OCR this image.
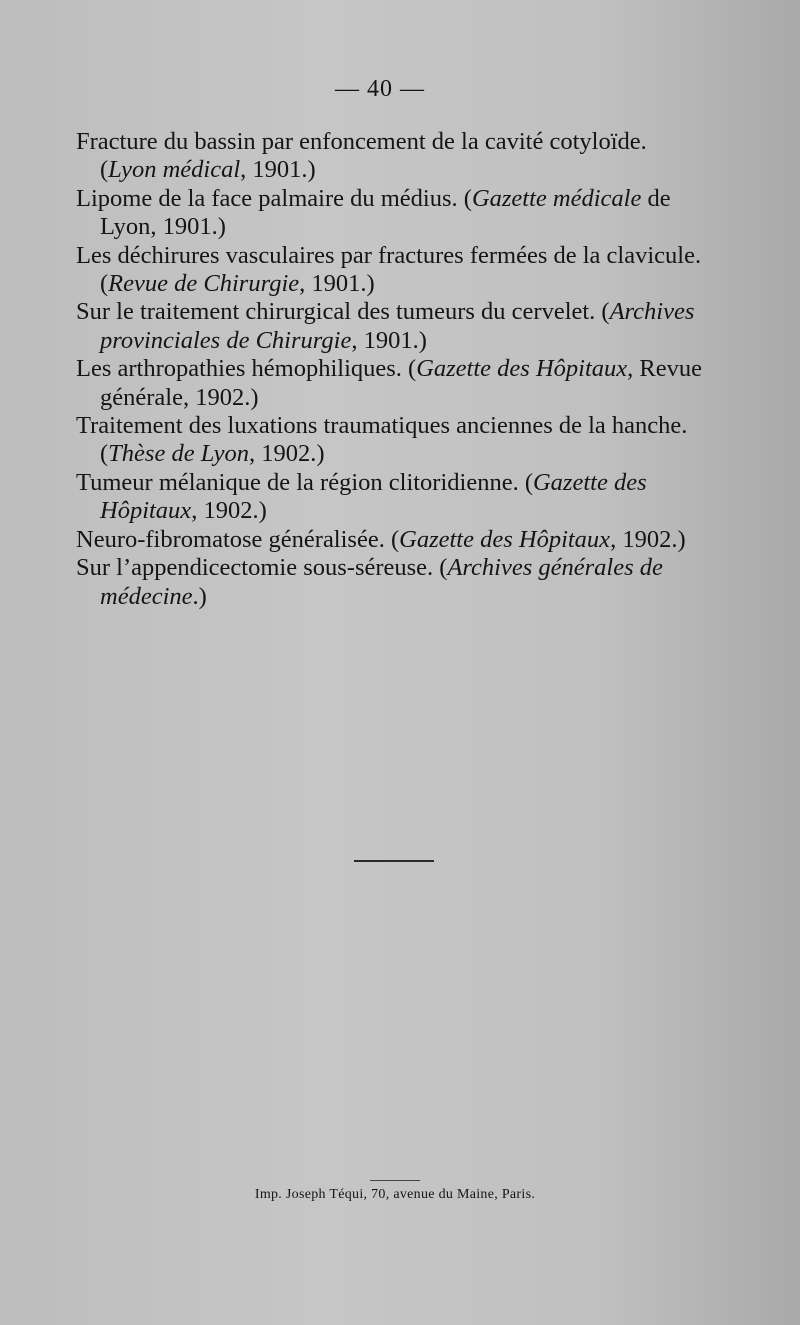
— 40 —

Fracture du bassin par enfoncement de la cavité cotyloïde.
(Lyon médical, 1901.)

Lipome de la face palmaire du médius. (Gazette médicale de
Lyon, 1901.)

Les déchirures vasculaires par fractures fermées de la clavicule.
(Revue de Chirurgie, 1901.)

Sur le traitement chirurgical des tumeurs du cervelet. (Archives
provinciales de Chirurgie, 1901.)

Les arthropathies hémophiliques. (Gazette des Hôpitaux, Revue
générale, 1902.)

Traitement des luxations traumatiques anciennes de la hanche.
(Thèse de Lyon, 1902.)

Tumeur mélanique de la région clitoridienne. (Gazette des
Hôpitaux, 1902.)

Neuro-fibromatose généralisée. (Gazette des Hôpitaux, 1902.)

Sur l’appendicectomie sous-séreuse. (Archives générales de
médecine.)

Imp. Joseph Téqui, 70, avenue du Maine, Paris.
